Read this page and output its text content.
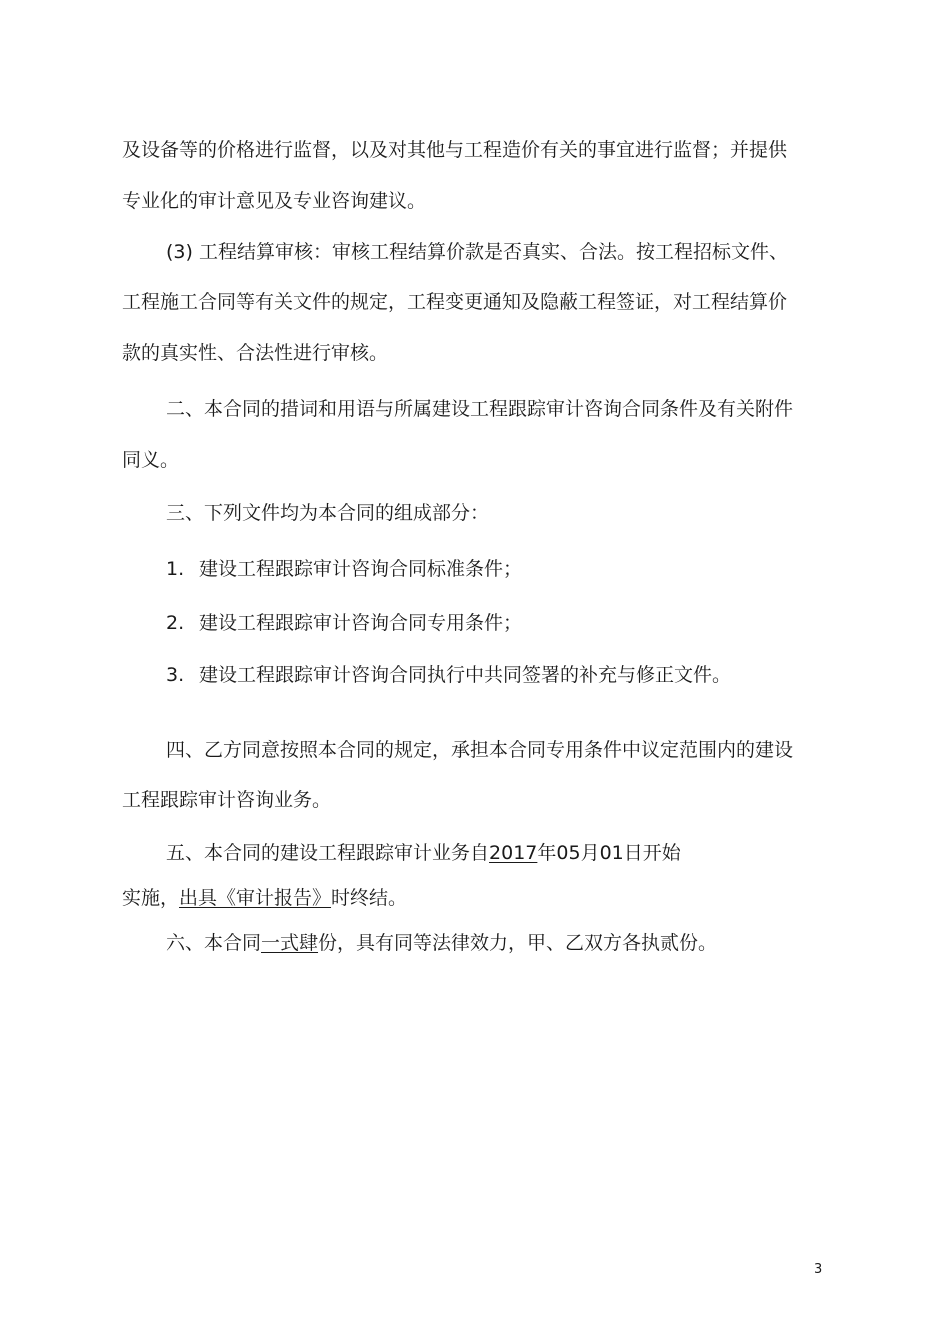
及设备等的价格进行监督，以及对其他与工程造价有关的事宜进行监督；并提供
专业化的审计意见及专业咨询建议。
(3) 工程结算审核：审核工程结算价款是否真实、合法。按工程招标文件、
工程施工合同等有关文件的规定，工程变更通知及隐蔽工程签证，对工程结算价
款的真实性、合法性进行审核。
二、本合同的措词和用语与所属建设工程跟踪审计咨询合同条件及有关附件
同义。
三、下列文件均为本合同的组成部分：
1. 建设工程跟踪审计咨询合同标准条件；
2. 建设工程跟踪审计咨询合同专用条件；
3. 建设工程跟踪审计咨询合同执行中共同签署的补充与修正文件。
四、乙方同意按照本合同的规定，承担本合同专用条件中议定范围内的建设
工程跟踪审计咨询业务。
五、本合同的建设工程跟踪审计业务自2017年05月01日开始
实施，出具《审计报告》时终结。
六、本合同一式肆份，具有同等法律效力，甲、乙双方各执贰份。
3
